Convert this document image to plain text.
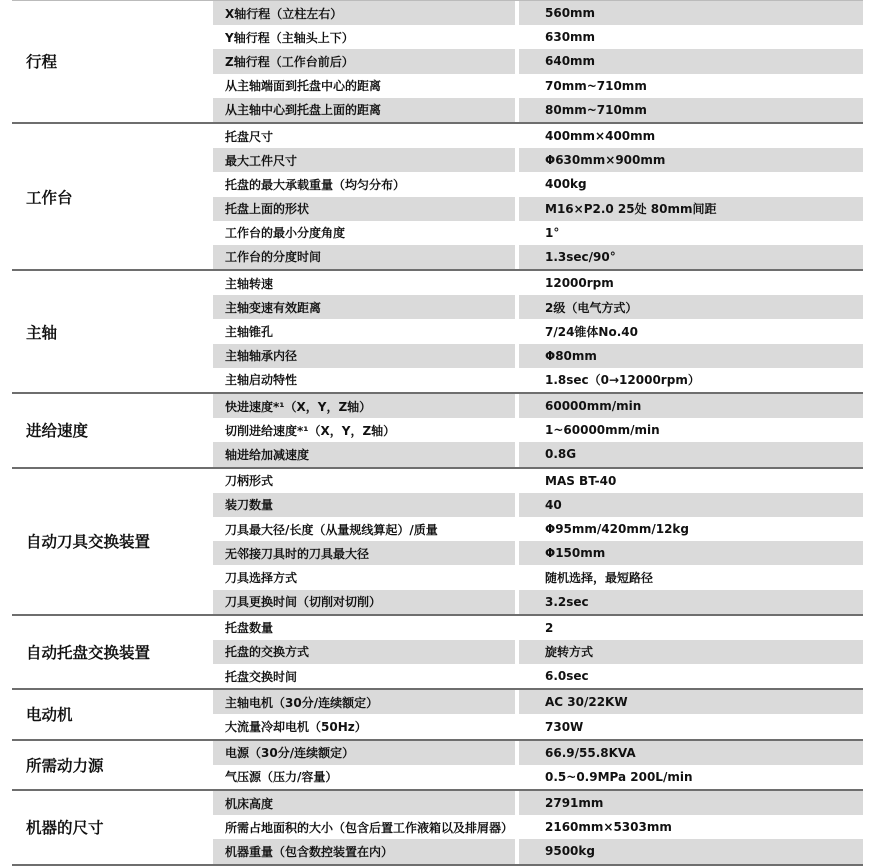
行程
X轴行程（立柱左右）	560mm
Y轴行程（主轴头上下）	630mm
Z轴行程（工作台前后）	640mm
从主轴端面到托盘中心的距离	70mm~710mm
从主轴中心到托盘上面的距离	80mm~710mm
工作台
托盘尺寸	400mm×400mm
最大工件尺寸	Φ630mm×900mm
托盘的最大承载重量（均匀分布）	400kg
托盘上面的形状	M16×P2.0 25处 80mm间距
工作台的最小分度角度	1°
工作台的分度时间	1.3sec/90°
主轴
主轴转速	12000rpm
主轴变速有效距离	2级（电气方式）
主轴锥孔	7/24锥体No.40
主轴轴承内径	Φ80mm
主轴启动特性	1.8sec（0→12000rpm）
进给速度
快进速度*¹（X，Y，Z轴）	60000mm/min
切削进给速度*¹（X，Y，Z轴）	1~60000mm/min
轴进给加减速度	0.8G
自动刀具交换装置
刀柄形式	MAS BT-40
装刀数量	40
刀具最大径/长度（从量规线算起）/质量	Φ95mm/420mm/12kg
无邻接刀具时的刀具最大径	Φ150mm
刀具选择方式	随机选择，最短路径
刀具更换时间（切削对切削）	3.2sec
自动托盘交换装置
托盘数量	2
托盘的交换方式	旋转方式
托盘交换时间	6.0sec
电动机
主轴电机（30分/连续额定）	AC 30/22KW
大流量冷却电机（50Hz）	730W
所需动力源
电源（30分/连续额定）	66.9/55.8KVA
气压源（压力/容量）	0.5~0.9MPa 200L/min
机器的尺寸
机床高度	2791mm
所需占地面积的大小（包含后置工作液箱以及排屑器）	2160mm×5303mm
机器重量（包含数控装置在内）	9500kg
